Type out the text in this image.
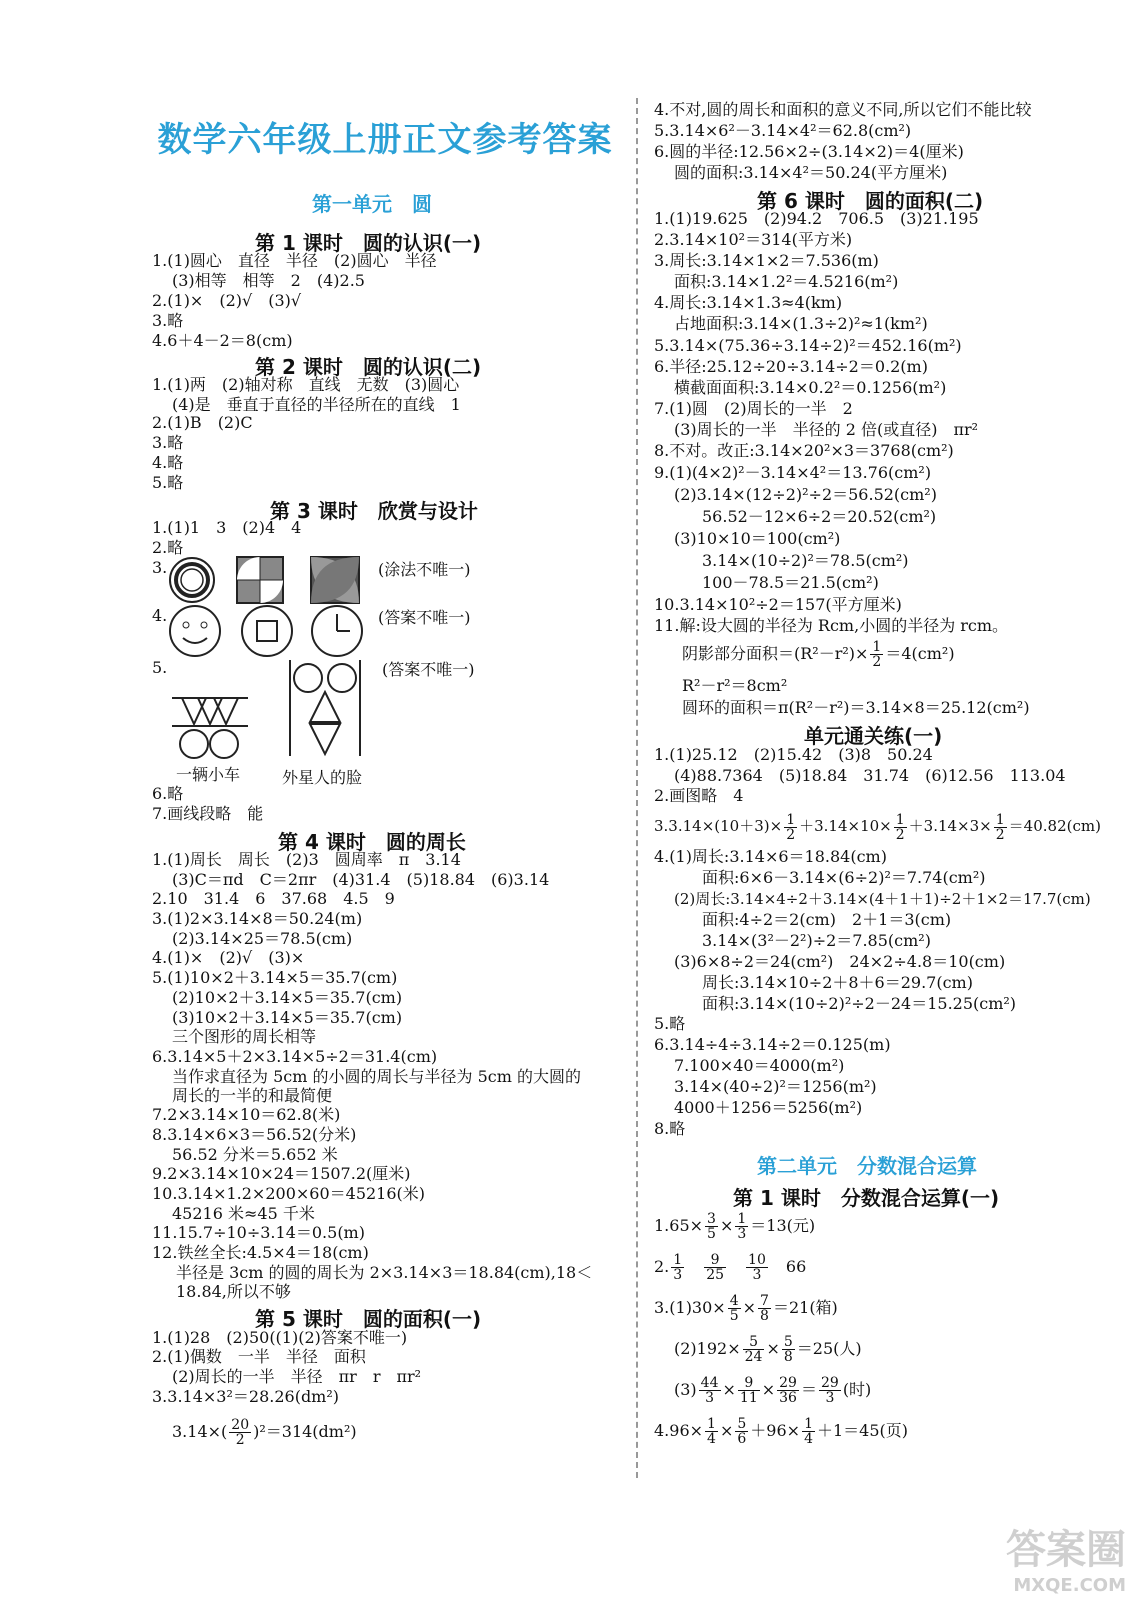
数学六年级上册正文参考答案
第一单元　圆
第 1 课时　圆的认识(一)
1.(1)圆心　直径　半径　(2)圆心　半径
(3)相等　相等　2　(4)2.5
2.(1)×　(2)√　(3)√
3.略
4.6＋4－2＝8(cm)
第 2 课时　圆的认识(二)
1.(1)两　(2)轴对称　直线　无数　(3)圆心
(4)是　垂直于直径的半径所在的直线　1
2.(1)B　(2)C
3.略
4.略
5.略
第 3 课时　欣赏与设计
1.(1)1　3　(2)4　4
2.略
3.
4.
5.
(涂法不唯一)
(答案不唯一)
(答案不唯一)
一辆小车	外星人的脸
6.略
7.画线段略　能
第 4 课时　圆的周长
1.(1)周长　周长　(2)3　圆周率　π　3.14
(3)C＝πd　C＝2πr　(4)31.4　(5)18.84　(6)3.14
2.10　31.4　6　37.68　4.5　9
3.(1)2×3.14×8＝50.24(m)
(2)3.14×25＝78.5(cm)
4.(1)×　(2)√　(3)×
5.(1)10×2＋3.14×5＝35.7(cm)
(2)10×2＋3.14×5＝35.7(cm)
(3)10×2＋3.14×5＝35.7(cm)
三个图形的周长相等
6.3.14×5＋2×3.14×5÷2＝31.4(cm)
当作求直径为 5cm 的小圆的周长与半径为 5cm 的大圆的
周长的一半的和最简便
7.2×3.14×10＝62.8(米)
8.3.14×6×3＝56.52(分米)
56.52 分米＝5.652 米
9.2×3.14×10×24＝1507.2(厘米)
10.3.14×1.2×200×60＝45216(米)
45216 米≈45 千米
11.15.7÷10÷3.14＝0.5(m)
12.铁丝全长:4.5×4＝18(cm)
半径是 3cm 的圆的周长为 2×3.14×3＝18.84(cm),18＜
18.84,所以不够
第 5 课时　圆的面积(一)
1.(1)28　(2)50((1)(2)答案不唯一)
2.(1)偶数　一半　半径　面积
(2)周长的一半　半径　πr　r　πr²
3.3.14×3²＝28.26(dm²)
$3.14\times( \frac{20}{2} )^2=314(dm^2)$
4.不对,圆的周长和面积的意义不同,所以它们不能比较
5.3.14×6²－3.14×4²＝62.8(cm²)
6.圆的半径:12.56×2÷(3.14×2)＝4(厘米)
圆的面积:3.14×4²＝50.24(平方厘米)
第 6 课时　圆的面积(二)
1.(1)19.625　(2)94.2　706.5　(3)21.195
2.3.14×10²＝314(平方米)
3.周长:3.14×1×2＝7.536(m)
面积:3.14×1.2²＝4.5216(m²)
4.周长:3.14×1.3≈4(km)
占地面积:3.14×(1.3÷2)²≈1(km²)
5.3.14×(75.36÷3.14÷2)²＝452.16(m²)
6.半径:25.12÷20÷3.14÷2＝0.2(m)
横截面面积:3.14×0.2²＝0.1256(m²)
7.(1)圆　(2)周长的一半　2
(3)周长的一半　半径的 2 倍(或直径)　πr²
8.不对。改正:3.14×20²×3＝3768(cm²)
9.(1)(4×2)²－3.14×4²＝13.76(cm²)
(2)3.14×(12÷2)²÷2＝56.52(cm²)
56.52－12×6÷2＝20.52(cm²)
(3)10×10＝100(cm²)
3.14×(10÷2)²＝78.5(cm²)
100－78.5＝21.5(cm²)
10.3.14×10²÷2＝157(平方厘米)
11.解:设大圆的半径为 Rcm,小圆的半径为 rcm。
阴影部分面积$=(R^2-r^2)\times \frac{1}{2} =4(cm^2)$
R²－r²＝8cm²
圆环的面积＝π(R²－r²)＝3.14×8＝25.12(cm²)
单元通关练(一)
1.(1)25.12　(2)15.42　(3)8　50.24
(4)88.7364　(5)18.84　31.74　(6)12.56　113.04
2.画图略　4
$3.3.14\times(10+3)\times \frac{1}{2} +3.14\times 10\times \frac{1}{2} +3.14\times 3\times \frac{1}{2} =40.82(cm)$
4.(1)周长:3.14×6＝18.84(cm)
面积:6×6－3.14×(6÷2)²＝7.74(cm²)
(2)周长:3.14×4÷2＋3.14×(4＋1＋1)÷2＋1×2＝17.7(cm)
面积:4÷2＝2(cm)　2＋1＝3(cm)
3.14×(3²－2²)÷2＝7.85(cm²)
(3)6×8÷2＝24(cm²)　24×2÷4.8＝10(cm)
周长:3.14×10÷2＋8＋6＝29.7(cm)
面积:3.14×(10÷2)²÷2－24＝15.25(cm²)
5.略
6.3.14÷4÷3.14÷2＝0.125(m)
7.100×40＝4000(m²)
3.14×(40÷2)²＝1256(m²)
4000＋1256＝5256(m²)
8.略
第二单元　分数混合运算
第 1 课时　分数混合运算(一)
$1.65\times \frac{3}{5} \times \frac{1}{3} =13$(元)
2. $\frac{1}{3}$
　 $\frac{9}{25}$
　 $\frac{10}{3}$
　 66
$3.(1)30\times \frac{4}{5} \times \frac{7}{8} =21$(箱)
$(2)192\times \frac{5}{24} \times \frac{5}{8} =25$(人)
$(3) \frac{44}{3} \times \frac{9}{11} \times \frac{29}{36} = \frac{29}{3}$ (时)
$4.96\times \frac{1}{4} \times \frac{5}{6} +96\times \frac{1}{4} +1=45$(页)
答案圈
MXQE.COM
